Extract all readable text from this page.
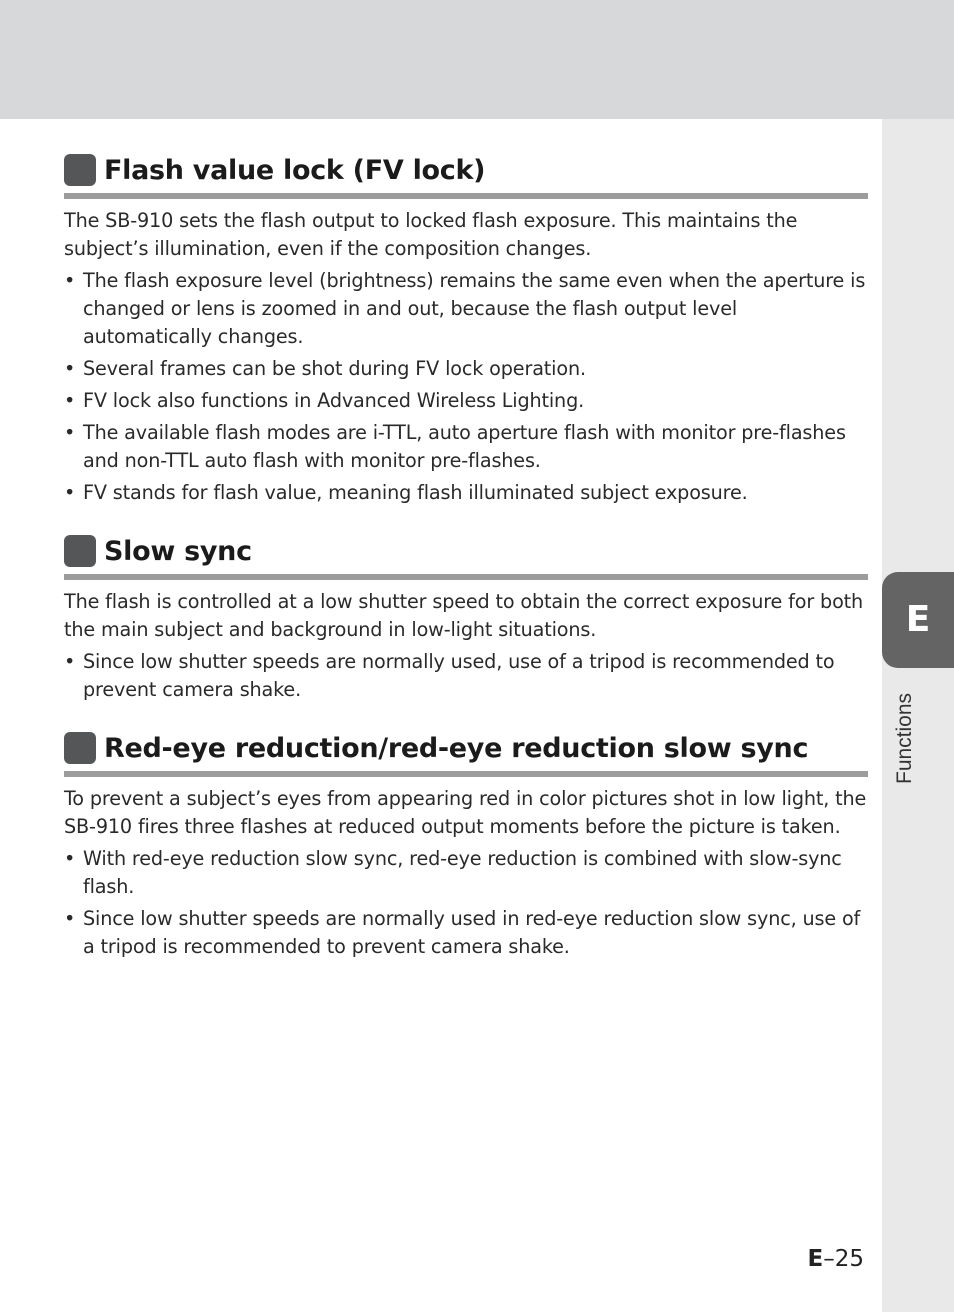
E
Functions
Flash value lock (FV lock)

The SB-910 sets the flash output to locked flash exposure. This maintains the subject’s illumination, even if the composition changes.

• The flash exposure level (brightness) remains the same even when the aperture is changed or lens is zoomed in and out, because the flash output level automatically changes.
• Several frames can be shot during FV lock operation.
• FV lock also functions in Advanced Wireless Lighting.
• The available flash modes are i-TTL, auto aperture flash with monitor pre-flashes and non-TTL auto flash with monitor pre-flashes.
• FV stands for flash value, meaning flash illuminated subject exposure.
Slow sync

The flash is controlled at a low shutter speed to obtain the correct exposure for both the main subject and background in low-light situations.

• Since low shutter speeds are normally used, use of a tripod is recommended to prevent camera shake.
Red-eye reduction/red-eye reduction slow sync

To prevent a subject’s eyes from appearing red in color pictures shot in low light, the SB-910 fires three flashes at reduced output moments before the picture is taken.

• With red-eye reduction slow sync, red-eye reduction is combined with slow-sync flash.
• Since low shutter speeds are normally used in red-eye reduction slow sync, use of a tripod is recommended to prevent camera shake.
E–25
